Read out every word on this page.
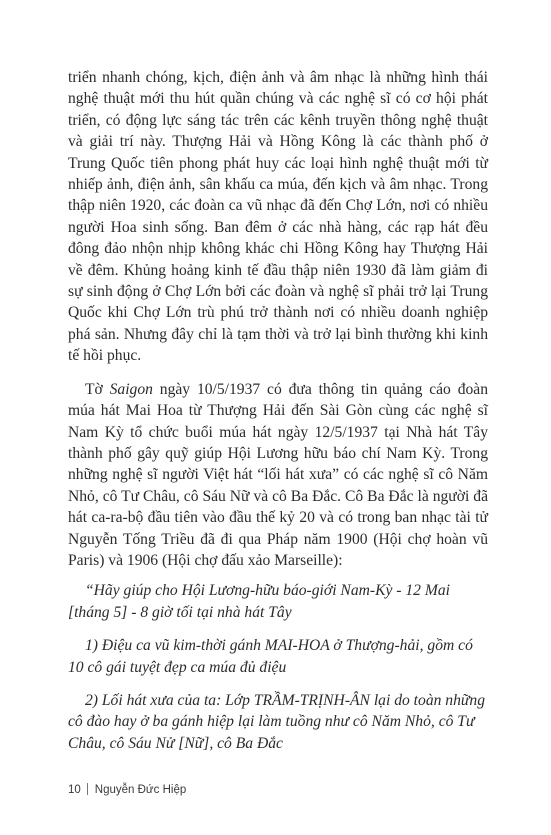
triển nhanh chóng, kịch, điện ảnh và âm nhạc là những hình thái nghệ thuật mới thu hút quần chúng và các nghệ sĩ có cơ hội phát triển, có động lực sáng tác trên các kênh truyền thông nghệ thuật và giải trí này. Thượng Hải và Hồng Kông là các thành phố ở Trung Quốc tiên phong phát huy các loại hình nghệ thuật mới từ nhiếp ảnh, điện ảnh, sân khấu ca múa, đến kịch và âm nhạc. Trong thập niên 1920, các đoàn ca vũ nhạc đã đến Chợ Lớn, nơi có nhiều người Hoa sinh sống. Ban đêm ở các nhà hàng, các rạp hát đều đông đảo nhộn nhịp không khác chi Hồng Kông hay Thượng Hải về đêm. Khủng hoảng kinh tế đầu thập niên 1930 đã làm giảm đi sự sinh động ở Chợ Lớn bởi các đoàn và nghệ sĩ phải trở lại Trung Quốc khi Chợ Lớn trù phú trở thành nơi có nhiều doanh nghiệp phá sản. Nhưng đây chỉ là tạm thời và trở lại bình thường khi kinh tế hồi phục.

Tờ Saigon ngày 10/5/1937 có đưa thông tin quảng cáo đoàn múa hát Mai Hoa từ Thượng Hải đến Sài Gòn cùng các nghệ sĩ Nam Kỳ tổ chức buổi múa hát ngày 12/5/1937 tại Nhà hát Tây thành phố gây quỹ giúp Hội Lương hữu báo chí Nam Kỳ. Trong những nghệ sĩ người Việt hát “lối hát xưa” có các nghệ sĩ cô Năm Nhỏ, cô Tư Châu, cô Sáu Nữ và cô Ba Đắc. Cô Ba Đắc là người đã hát ca-ra-bộ đầu tiên vào đầu thế kỷ 20 và có trong ban nhạc tài tử Nguyễn Tống Triều đã đi qua Pháp năm 1900 (Hội chợ hoàn vũ Paris) và 1906 (Hội chợ đấu xảo Marseille):

“Hãy giúp cho Hội Lương-hữu báo-giới Nam-Kỳ - 12 Mai [tháng 5] - 8 giờ tối tại nhà hát Tây

1) Điệu ca vũ kim-thời gánh MAI-HOA ở Thượng-hải, gồm có 10 cô gái tuyệt đẹp ca múa đủ điệu

2) Lối hát xưa của ta: Lớp TRẦM-TRỊNH-ÂN lại do toàn những cô đào hay ở ba gánh hiệp lại làm tuồng như cô Năm Nhỏ, cô Tư Châu, cô Sáu Nử [Nữ], cô Ba Đắc

10 Nguyễn Đức Hiệp
